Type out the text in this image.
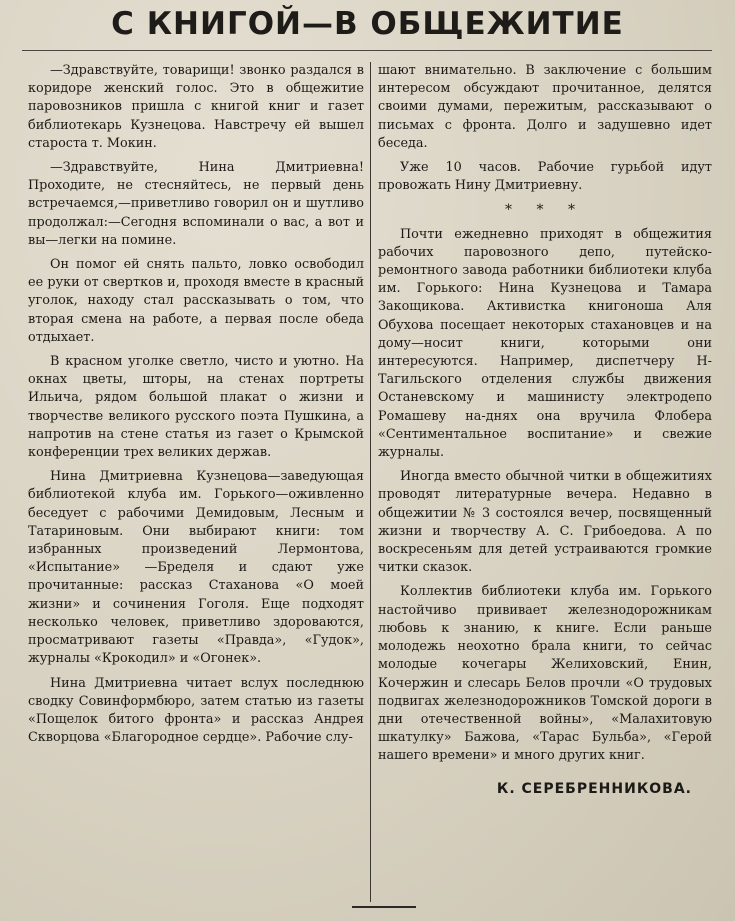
С КНИГОЙ—В ОБЩЕЖИТИЕ

—Здравствуйте, товарищи! звонко раздался в коридоре женский голос. Это в общежитие паровозников пришла с книгой книг и газет библиотекарь Кузнецова. Навстречу ей вышел староста т. Мокин.

—Здравствуйте, Нина Дмитриевна! Проходите, не стесняйтесь, не первый день встречаемся,—приветливо говорил он и шутливо продолжал:—Сегодня вспоминали о вас, а вот и вы—легки на помине.

Он помог ей снять пальто, ловко освободил ее руки от свертков и, проходя вместе в красный уголок, находу стал рассказывать о том, что вторая смена на работе, а первая после обеда отдыхает.

В красном уголке светло, чисто и уютно. На окнах цветы, шторы, на стенах портреты Ильича, рядом большой плакат о жизни и творчестве великого русского поэта Пушкина, а напротив на стене статья из газет о Крымской конференции трех великих держав.

Нина Дмитриевна Кузнецова—заведующая библиотекой клуба им. Горького—оживленно беседует с рабочими Демидовым, Лесным и Татариновым. Они выбирают книги: том избранных произведений Лермонтова, «Испытание» —Бределя и сдают уже прочитанные: рассказ Стаханова «О моей жизни» и сочинения Гоголя. Еще подходят несколько человек, приветливо здороваются, просматривают газеты «Правда», «Гудок», журналы «Крокодил» и «Огонек».

Нина Дмитриевна читает вслух последнюю сводку Совинформбюро, затем статью из газеты «Пощелок битого фронта» и рассказ Андрея Скворцова «Благородное сердце». Рабочие слу-

шают внимательно. В заключение с большим интересом обсуждают прочитанное, делятся своими думами, пережитым, рассказывают о письмах с фронта. Долго и задушевно идет беседа.

Уже 10 часов. Рабочие гурьбой идут провожать Нину Дмитриевну.

* * *

Почти ежедневно приходят в общежития рабочих паровозного депо, путейско-ремонтного завода работники библиотеки клуба им. Горького: Нина Кузнецова и Тамара Закощикова. Активистка книгоноша Аля Обухова посещает некоторых стахановцев и на дому—носит книги, которыми они интересуются. Например, диспетчеру Н-Тагильского отделения службы движения Останевскому и машинисту электродепо Ромашеву на-днях она вручила Флобера «Сентиментальное воспитание» и свежие журналы.

Иногда вместо обычной читки в общежитиях проводят литературные вечера. Недавно в общежитии № 3 состоялся вечер, посвященный жизни и творчеству А. С. Грибоедова. А по воскресеньям для детей устраиваются громкие читки сказок.

Коллектив библиотеки клуба им. Горького настойчиво прививает железнодорожникам любовь к знанию, к книге. Если раньше молодежь неохотно брала книги, то сейчас молодые кочегары Желиховский, Енин, Кочержин и слесарь Белов прочли «О трудовых подвигах железнодорожников Томской дороги в дни отечественной войны», «Малахитовую шкатулку» Бажова, «Тарас Бульба», «Герой нашего времени» и много других книг.

К. СЕРЕБРЕННИКОВА.
